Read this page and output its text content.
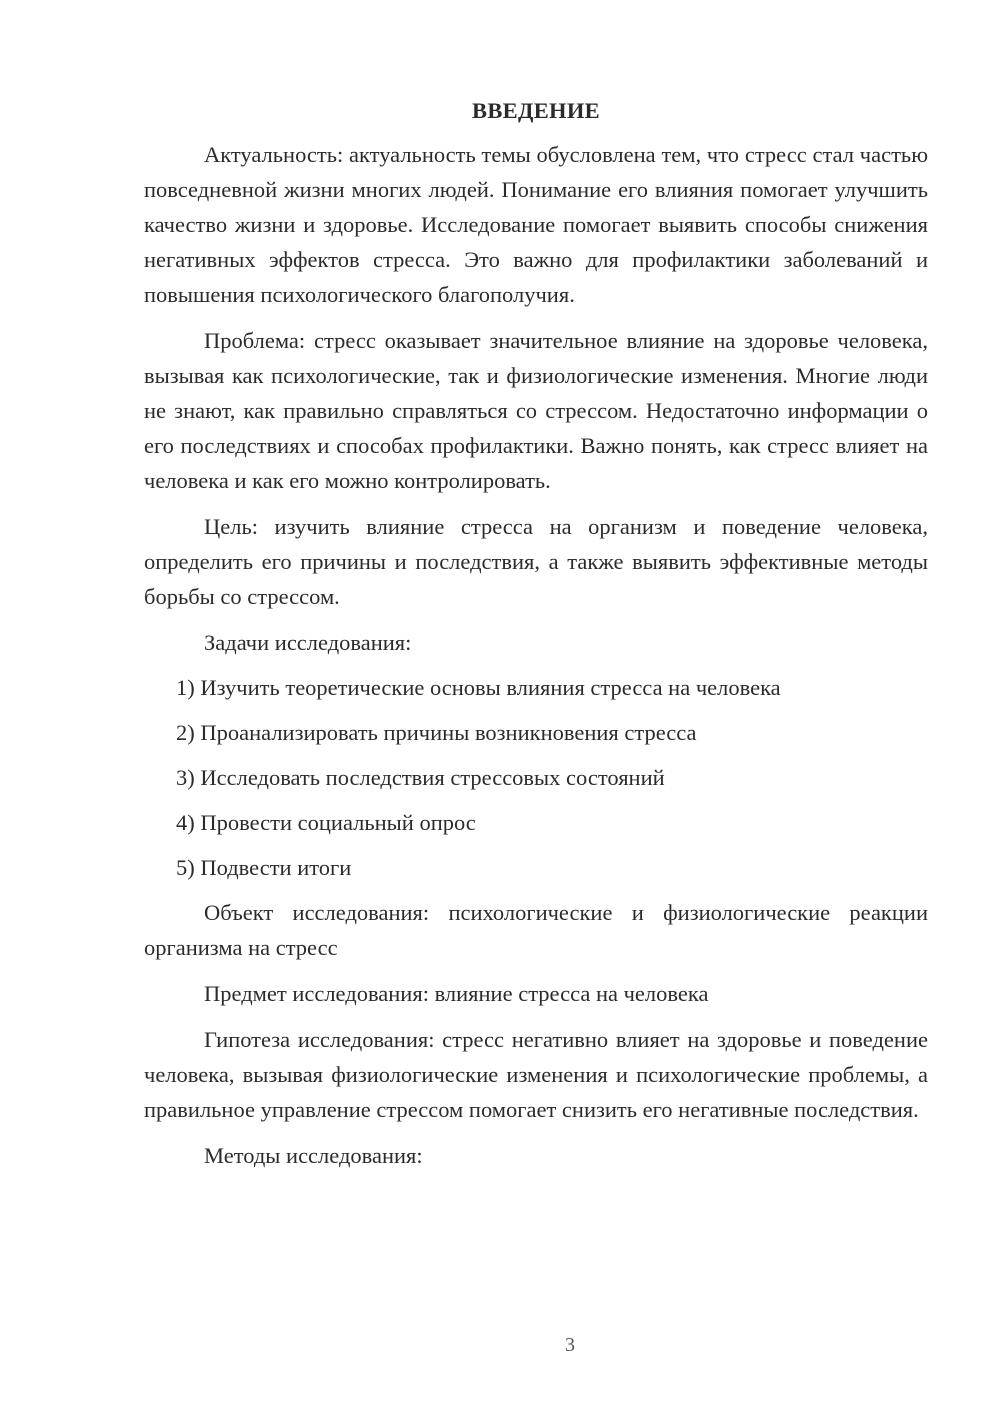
ВВЕДЕНИЕ

Актуальность: актуальность темы обусловлена тем, что стресс стал частью повседневной жизни многих людей. Понимание его влияния помогает улучшить качество жизни и здоровье. Исследование помогает выявить способы снижения негативных эффектов стресса. Это важно для профилактики заболеваний и повышения психологического благополучия.

Проблема: стресс оказывает значительное влияние на здоровье человека, вызывая как психологические, так и физиологические изменения. Многие люди не знают, как правильно справляться со стрессом. Недостаточно информации о его последствиях и способах профилактики. Важно понять, как стресс влияет на человека и как его можно контролировать.

Цель: изучить влияние стресса на организм и поведение человека, определить его причины и последствия, а также выявить эффективные методы борьбы со стрессом.

Задачи исследования:
1) Изучить теоретические основы влияния стресса на человека
2) Проанализировать причины возникновения стресса
3) Исследовать последствия стрессовых состояний
4) Провести социальный опрос
5) Подвести итоги

Объект исследования: психологические и физиологические реакции организма на стресс

Предмет исследования: влияние стресса на человека

Гипотеза исследования: стресс негативно влияет на здоровье и поведение человека, вызывая физиологические изменения и психологические проблемы, а правильное управление стрессом помогает снизить его негативные последствия.

Методы исследования:

3
